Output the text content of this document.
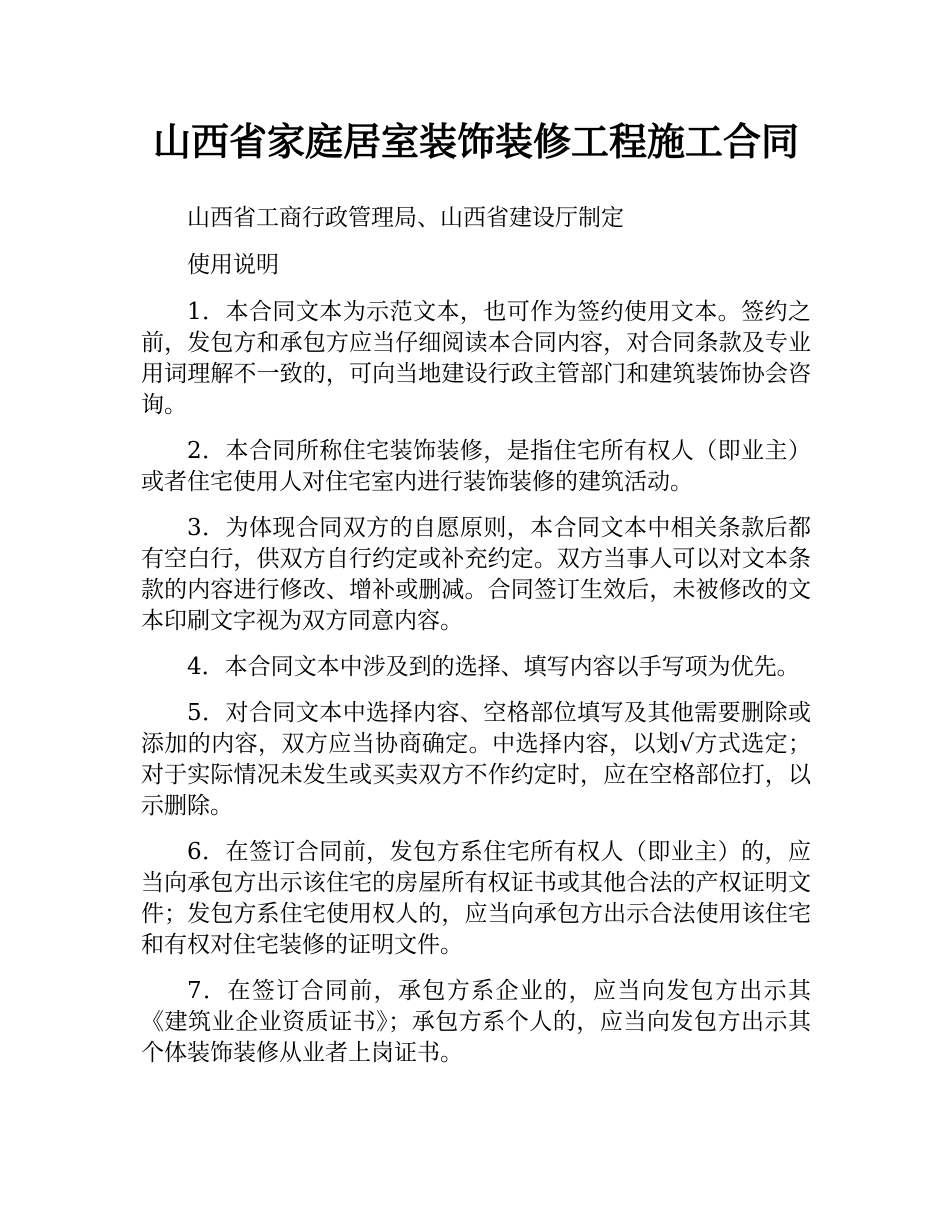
山西省家庭居室装饰装修工程施工合同

山西省工商行政管理局、山西省建设厅制定

使用说明

1．本合同文本为示范文本，也可作为签约使用文本。签约之前，发包方和承包方应当仔细阅读本合同内容，对合同条款及专业用词理解不一致的，可向当地建设行政主管部门和建筑装饰协会咨询。

2．本合同所称住宅装饰装修，是指住宅所有权人（即业主）或者住宅使用人对住宅室内进行装饰装修的建筑活动。

3．为体现合同双方的自愿原则，本合同文本中相关条款后都有空白行，供双方自行约定或补充约定。双方当事人可以对文本条款的内容进行修改、增补或删减。合同签订生效后，未被修改的文本印刷文字视为双方同意内容。

4．本合同文本中涉及到的选择、填写内容以手写项为优先。

5．对合同文本中选择内容、空格部位填写及其他需要删除或添加的内容，双方应当协商确定。中选择内容，以划√方式选定；对于实际情况未发生或买卖双方不作约定时，应在空格部位打，以示删除。

6．在签订合同前，发包方系住宅所有权人（即业主）的，应当向承包方出示该住宅的房屋所有权证书或其他合法的产权证明文件；发包方系住宅使用权人的，应当向承包方出示合法使用该住宅和有权对住宅装修的证明文件。

7．在签订合同前，承包方系企业的，应当向发包方出示其《建筑业企业资质证书》；承包方系个人的，应当向发包方出示其个体装饰装修从业者上岗证书。
